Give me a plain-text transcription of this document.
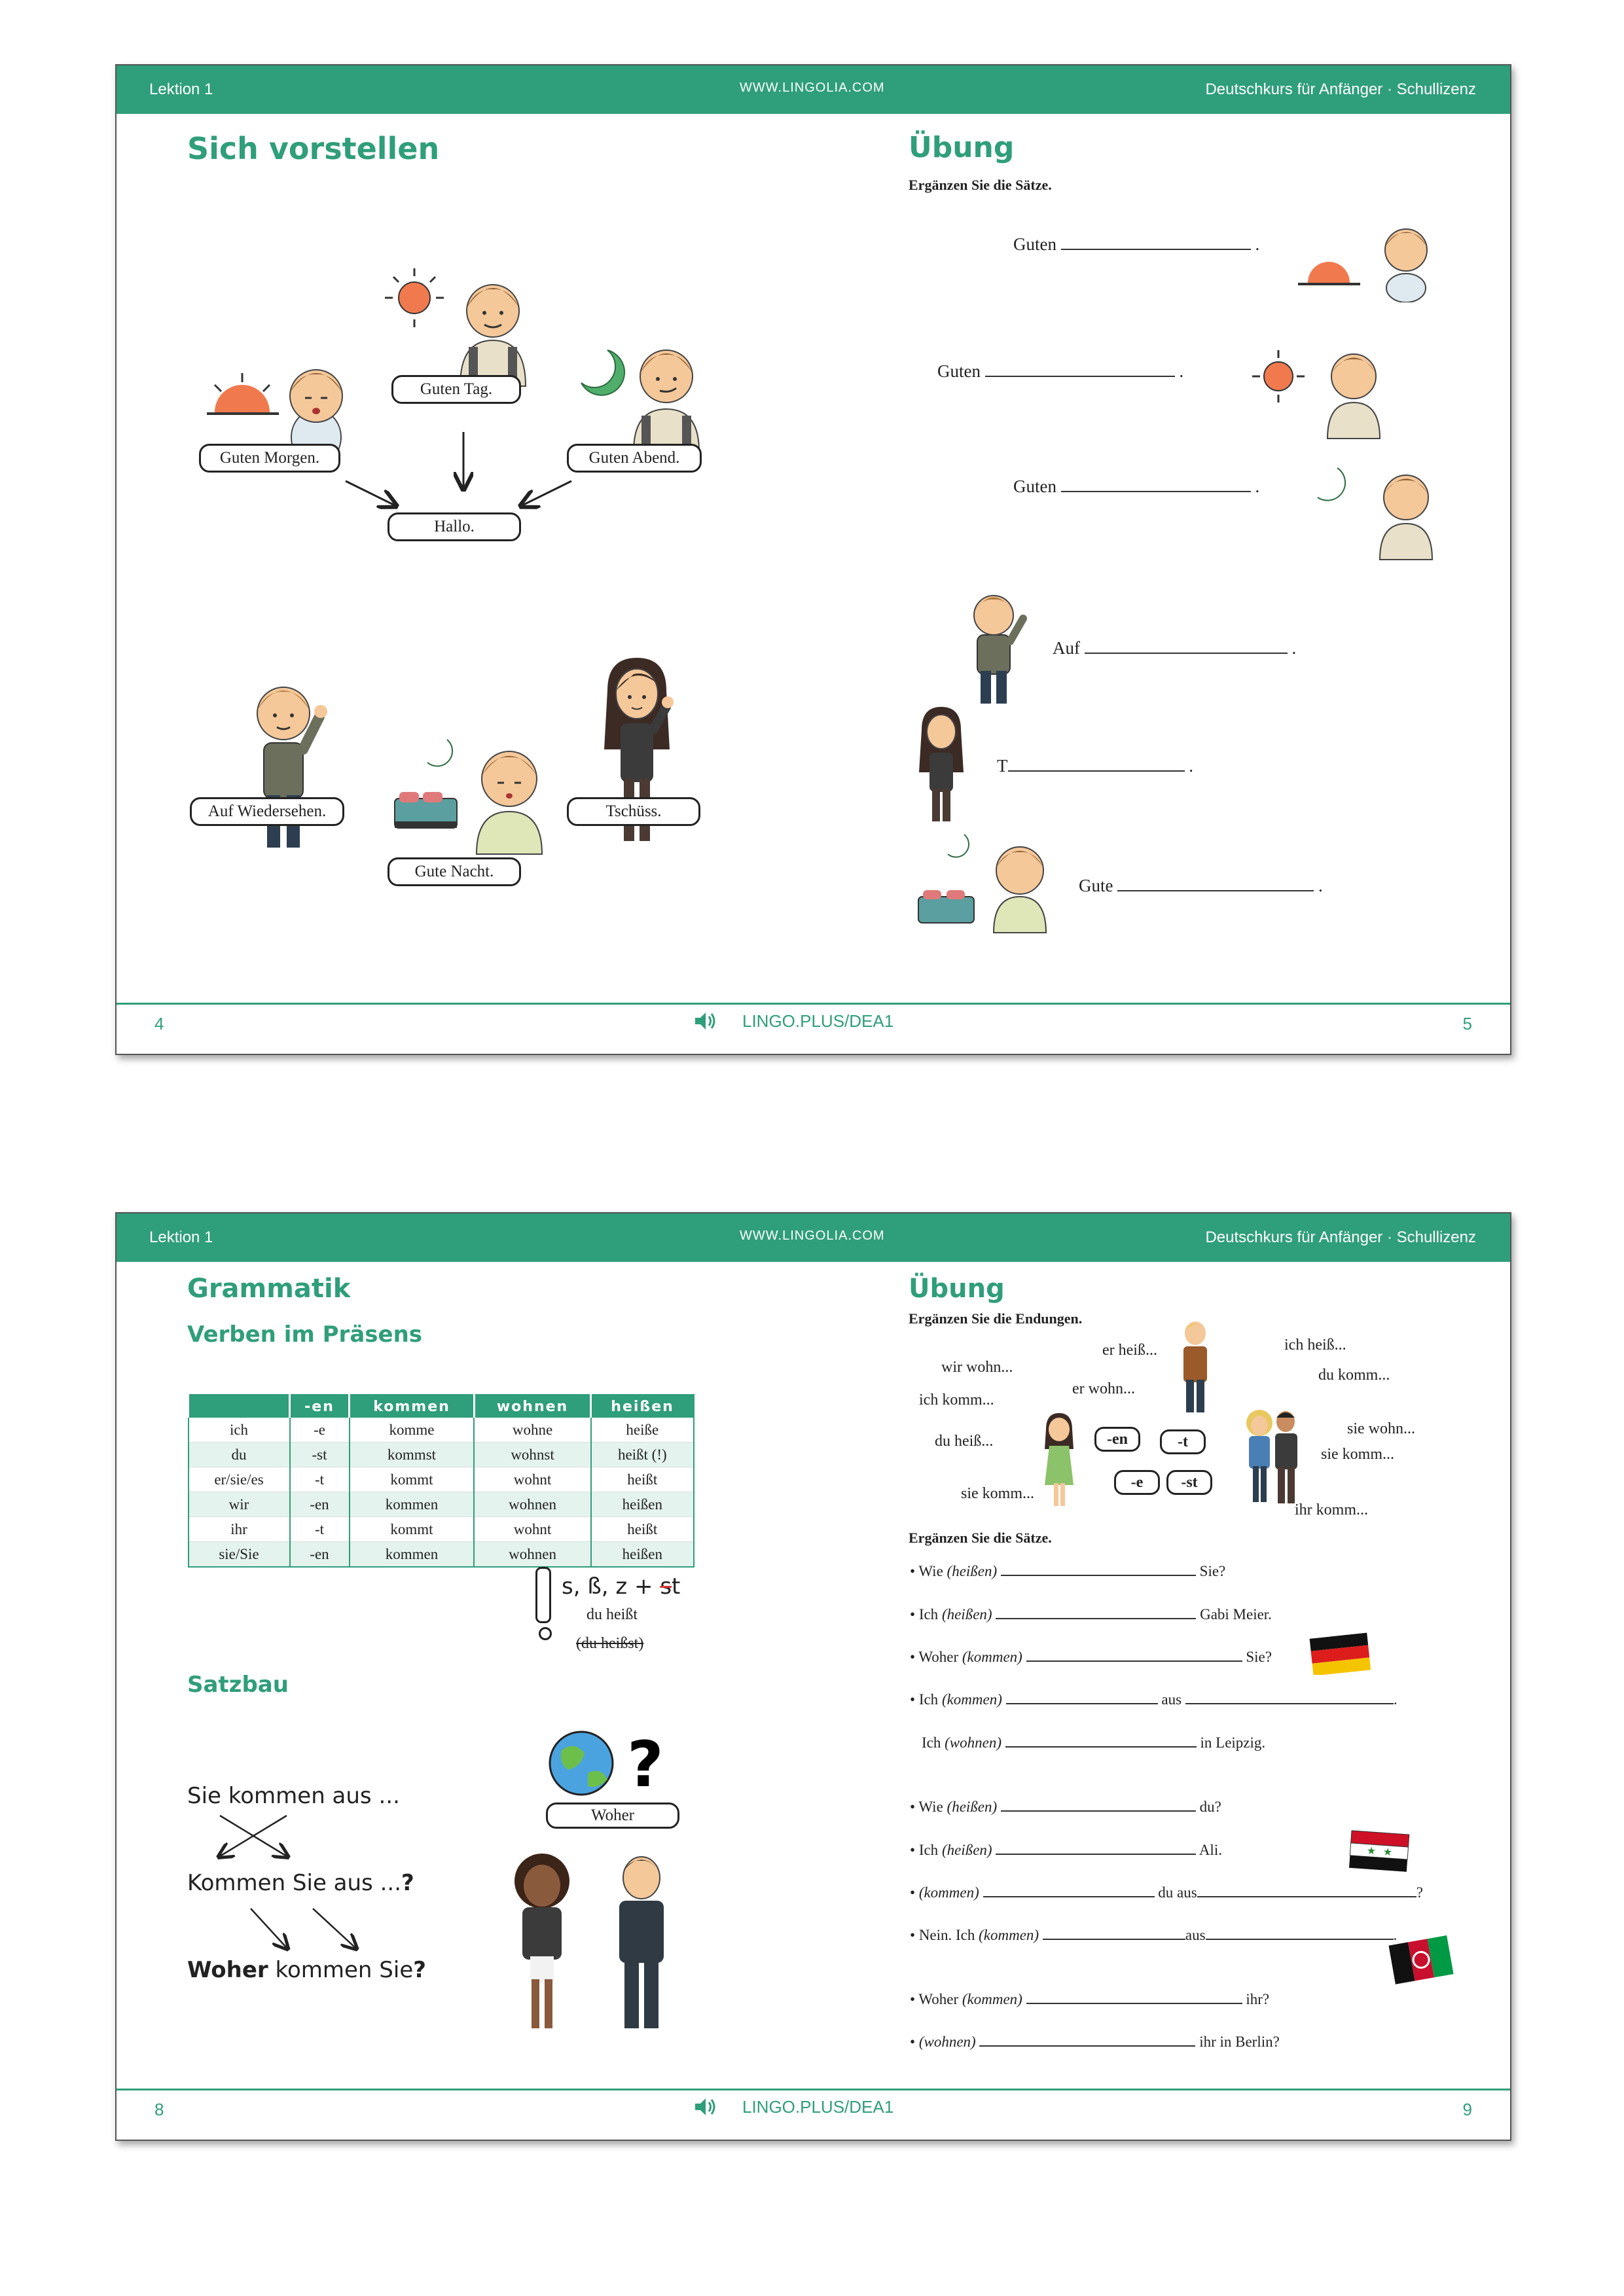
Lektion 1	WWW.LINGOLIA.COM	Deutschkurs für Anfänger · Schullizenz
Sich vorstellen
Guten Morgen.
Guten Tag.
Guten Abend.
Hallo.
Auf Wiedersehen.	Tschüss.
Gute Nacht.
Übung
Ergänzen Sie die Sätze.
Guten	.
Guten	.
Guten	.
Auf	.
T	.
Gute	.
4	LINGO.PLUS/DEA1	5
Lektion 1	WWW.LINGOLIA.COM	Deutschkurs für Anfänger · Schullizenz
Grammatik
Verben im Präsens
	-en	kommen	wohnen	heißen
ich	-e	komme	wohne	heiße
du	-st	kommst	wohnst	heißt (!)
er/sie/es	-t	kommt	wohnt	heißt
wir	-en	kommen	wohnen	heißen
ihr	-t	kommt	wohnt	heißt
sie/Sie	-en	kommen	wohnen	heißen
s, ß, z + st
du heißt
(du heißst)
Satzbau
Sie kommen aus ...
Kommen Sie aus ...?
Woher kommen Sie?
?
Woher
Übung
Ergänzen Sie die Endungen.
wir wohn...
er heiß...
er wohn...
ich komm...
du heiß...
sie komm...
ich heiß...
du komm...
sie wohn...
sie komm...
ihr komm...
-en	-t
-e	-st
Ergänzen Sie die Sätze.
• Wie (heißen)	Sie?
• Ich (heißen)	Gabi Meier.
• Woher (kommen)	Sie?
• Ich (kommen)	aus	.
Ich (wohnen)	in Leipzig.
• Wie (heißen)	du?
• Ich (heißen)	Ali.
• (kommen)	du aus	?
• Nein. Ich (kommen)	aus	.
• Woher (kommen)	ihr?
• (wohnen)	ihr in Berlin?
★ ★
8	LINGO.PLUS/DEA1	9
